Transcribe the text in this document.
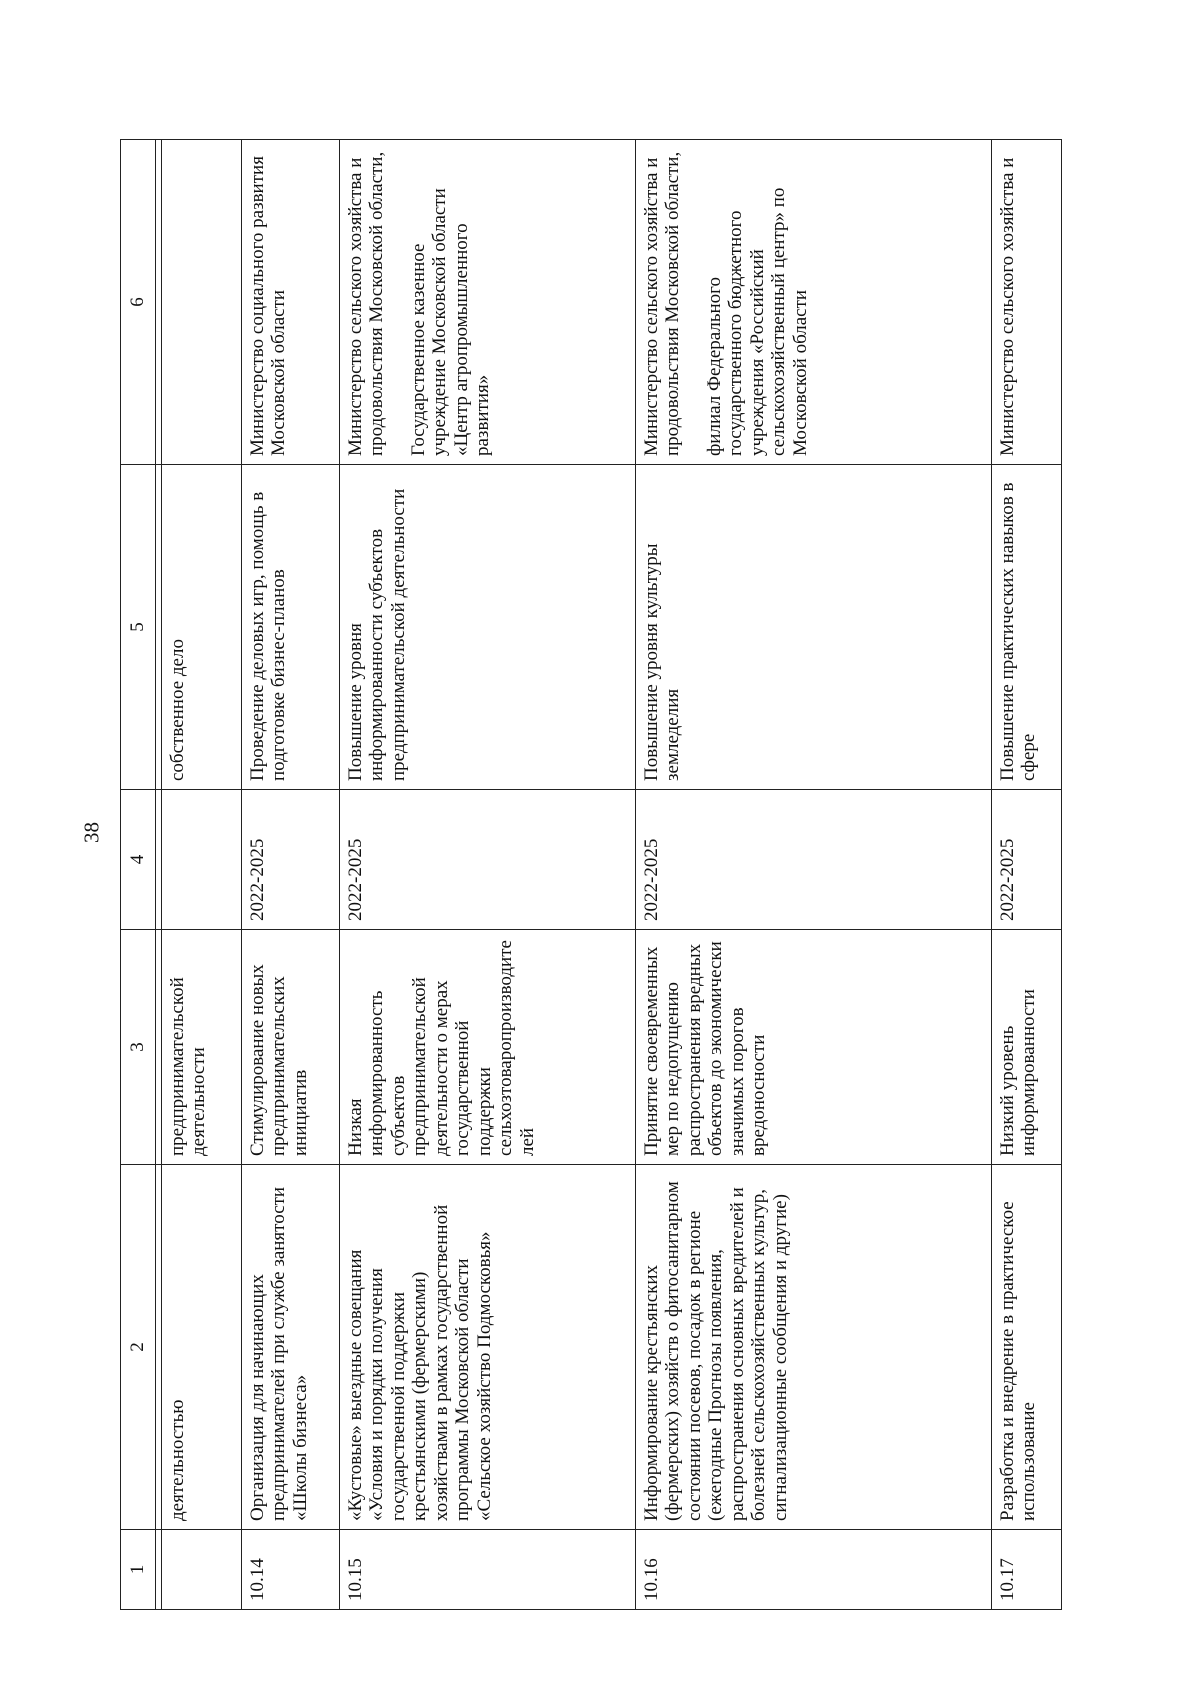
38
1	2	3	4	5	6

	деятельностью	предпринимательской деятельности		собственное дело	
10.14	Организация для начинающих предпринимателей при службе занятости «Школы бизнеса»	Стимулирование новых предпринимательских инициатив	2022-2025	Проведение деловых игр, помощь в подготовке бизнес-планов	Министерство социального развития Московской области

10.15	«Кустовые» выездные совещания «Условия и порядки получения государственной поддержки крестьянскими (фермерскими) хозяйствами в рамках государственной программы Московской области «Сельское хозяйство Подмосковья»	Низкая информированность субъектов предпринимательской деятельности о мерах государственной поддержки сельхозтоваропроизводителей	2022-2025	Повышение уровня информированности субъектов предпринимательской деятельности	Министерство сельского хозяйства и продовольствия Московской области, Государственное казенное учреждение Московской области «Центр агропромышленного развития»

10.16	Информирование крестьянских (фермерских) хозяйств о фитосанитарном состоянии посевов, посадок в регионе (ежегодные Прогнозы появления, распространения основных вредителей и болезней сельскохозяйственных культур, сигнализационные сообщения и другие)	Принятие своевременных мер по недопущению распространения вредных объектов до экономически значимых порогов вредоносности	2022-2025	Повышение уровня культуры земледелия	Министерство сельского хозяйства и продовольствия Московской области, филиал Федерального государственного бюджетного учреждения «Российский сельскохозяйственный центр» по Московской области

10.17	Разработка и внедрение в практическое использование	Низкий уровень информированности	2022-2025	Повышение практических навыков в сфере	Министерство сельского хозяйства и
